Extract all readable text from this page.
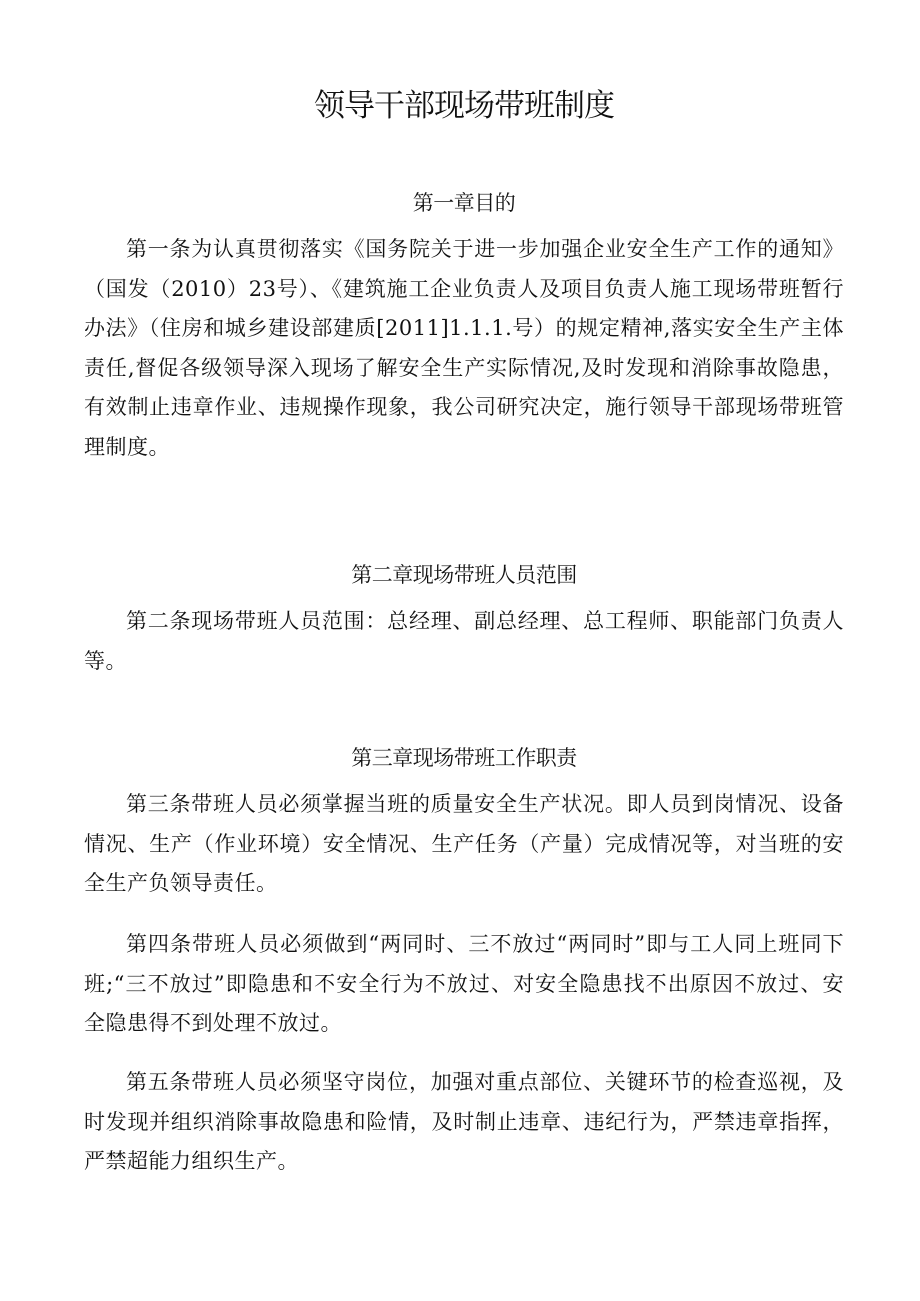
领导干部现场带班制度
第一章目的

第一条为认真贯彻落实《国务院关于进一步加强企业安全生产工作的通知》（国发（2010）23号）、《建筑施工企业负责人及项目负责人施工现场带班暂行办法》（住房和城乡建设部建质[2011]1.1.1.号）的规定精神,落实安全生产主体责任,督促各级领导深入现场了解安全生产实际情况,及时发现和消除事故隐患，有效制止违章作业、违规操作现象，我公司研究决定，施行领导干部现场带班管理制度。

第二章现场带班人员范围

第二条现场带班人员范围：总经理、副总经理、总工程师、职能部门负责人等。

第三章现场带班工作职责

第三条带班人员必须掌握当班的质量安全生产状况。即人员到岗情况、设备情况、生产（作业环境）安全情况、生产任务（产量）完成情况等，对当班的安全生产负领导责任。

第四条带班人员必须做到“两同时、三不放过“两同时”即与工人同上班同下班;“三不放过”即隐患和不安全行为不放过、对安全隐患找不出原因不放过、安全隐患得不到处理不放过。

第五条带班人员必须坚守岗位，加强对重点部位、关键环节的检查巡视，及时发现并组织消除事故隐患和险情，及时制止违章、违纪行为，严禁违章指挥，严禁超能力组织生产。
